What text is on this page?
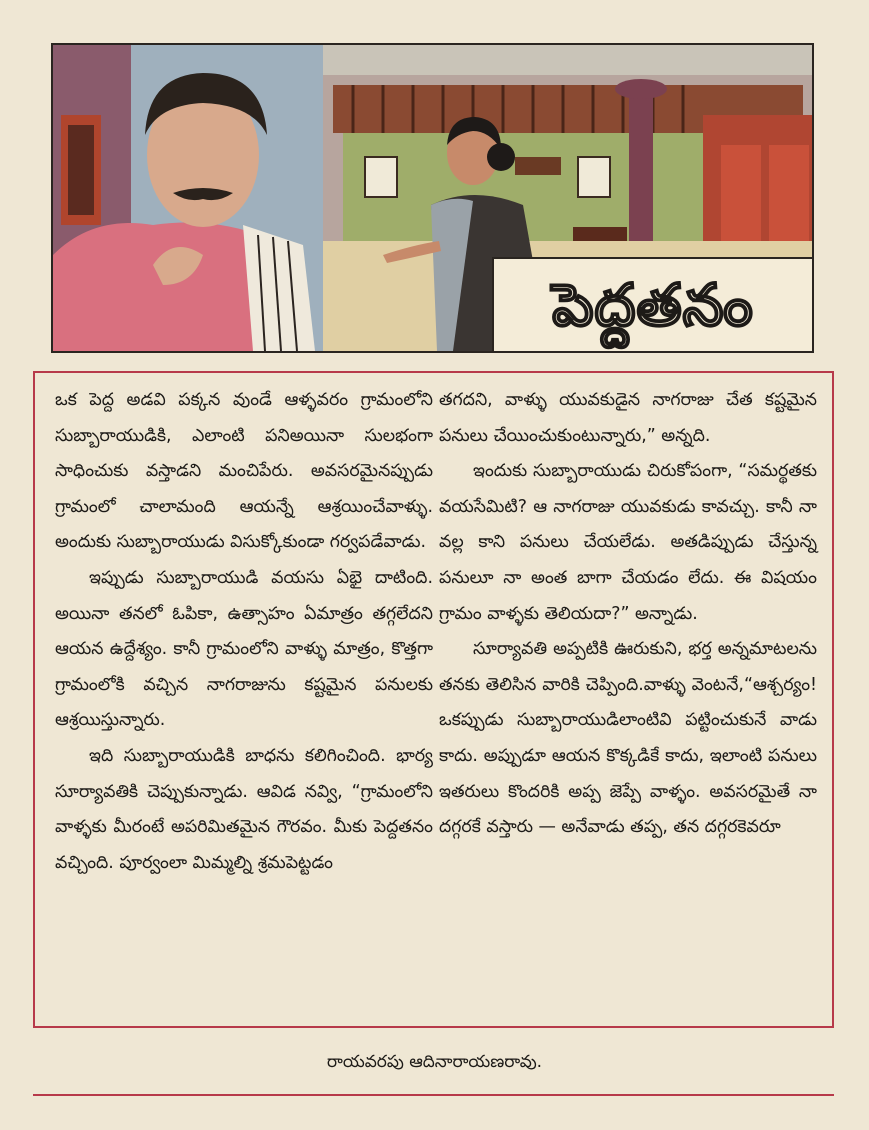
పెద్దతనం

ఒక పెద్ద అడవి పక్కన వుండే ఆళ్ళవరం గ్రామంలోని సుబ్బారాయుడికి, ఎలాంటి పనిఅయినా సులభంగా సాధించుకు వస్తాడని మంచిపేరు. అవసరమైనప్పుడు గ్రామంలో చాలామంది ఆయన్నే ఆశ్రయించేవాళ్ళు. అందుకు సుబ్బారాయుడు విసుక్కోకుండా గర్వపడేవాడు.

ఇప్పుడు సుబ్బారాయుడి వయసు ఏభై దాటింది. అయినా తనలో ఓపికా, ఉత్సాహం ఏమాత్రం తగ్గలేదని ఆయన ఉద్దేశ్యం. కానీ గ్రామంలోని వాళ్ళు మాత్రం, కొత్తగా గ్రామంలోకి వచ్చిన నాగరాజును కష్టమైన పనులకు ఆశ్రయిస్తున్నారు.

ఇది సుబ్బారాయుడికి బాధను కలిగించింది. భార్య సూర్యావతికి చెప్పుకున్నాడు. ఆవిడ నవ్వి, “గ్రామంలోని వాళ్ళకు మీరంటే అపరిమితమైన గౌరవం. మీకు పెద్దతనం వచ్చింది. పూర్వంలా మిమ్మల్ని శ్రమపెట్టడం

తగదని, వాళ్ళు యువకుడైన నాగరాజు చేత కష్టమైన పనులు చేయించుకుంటున్నారు,” అన్నది.

ఇందుకు సుబ్బారాయుడు చిరుకోపంగా, “సమర్థతకు వయసేమిటి? ఆ నాగరాజు యువకుడు కావచ్చు. కానీ నా వల్ల కాని పనులు చేయలేడు. అతడిప్పుడు చేస్తున్న పనులూ నా అంత బాగా చేయడం లేదు. ఈ విషయం గ్రామం వాళ్ళకు తెలియదా?” అన్నాడు.

సూర్యావతి అప్పటికి ఊరుకుని, భర్త అన్నమాటలను తనకు తెలిసిన వారికి చెప్పింది.వాళ్ళు వెంటనే,“ఆశ్చర్యం! ఒకప్పుడు సుబ్బారాయుడిలాంటివి పట్టించుకునే వాడు కాదు. అప్పుడూ ఆయన కొక్కడికే కాదు, ఇలాంటి పనులు ఇతరులు కొందరికి అప్ప జెప్పే వాళ్ళం. అవసరమైతే నా దగ్గరకే వస్తారు — అనేవాడు తప్ప, తన దగ్గరకెవరూ

రాయవరపు ఆదినారాయణరావు.
